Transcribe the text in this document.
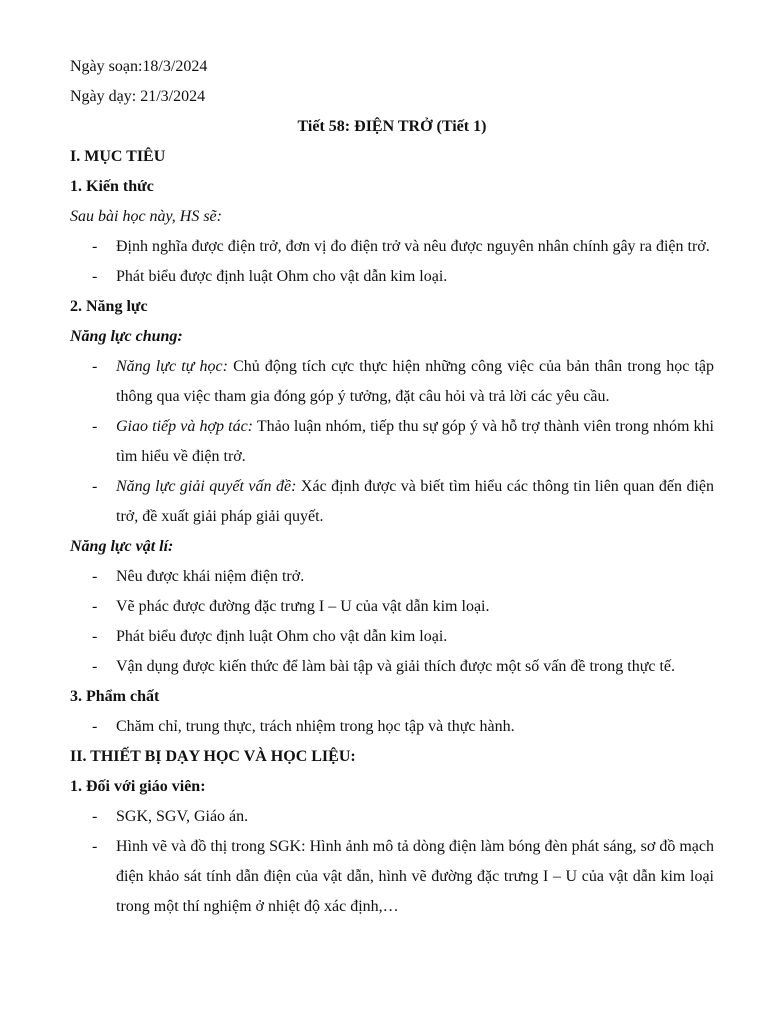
Ngày soạn:18/3/2024
Ngày dạy: 21/3/2024
Tiết 58: ĐIỆN TRỞ (Tiết 1)
I. MỤC TIÊU
1. Kiến thức
Sau bài học này, HS sẽ:
- Định nghĩa được điện trở, đơn vị đo điện trở và nêu được nguyên nhân chính gây ra điện trở.
- Phát biểu được định luật Ohm cho vật dẫn kim loại.
2. Năng lực
Năng lực chung:
- Năng lực tự học: Chủ động tích cực thực hiện những công việc của bản thân trong học tập thông qua việc tham gia đóng góp ý tưởng, đặt câu hỏi và trả lời các yêu cầu.
- Giao tiếp và hợp tác: Thảo luận nhóm, tiếp thu sự góp ý và hỗ trợ thành viên trong nhóm khi tìm hiểu về điện trở.
- Năng lực giải quyết vấn đề: Xác định được và biết tìm hiểu các thông tin liên quan đến điện trở, đề xuất giải pháp giải quyết.
Năng lực vật lí:
- Nêu được khái niệm điện trở.
- Vẽ phác được đường đặc trưng I – U của vật dẫn kim loại.
- Phát biểu được định luật Ohm cho vật dẫn kim loại.
- Vận dụng được kiến thức để làm bài tập và giải thích được một số vấn đề trong thực tế.
3. Phẩm chất
- Chăm chỉ, trung thực, trách nhiệm trong học tập và thực hành.
II. THIẾT BỊ DẠY HỌC VÀ HỌC LIỆU:
1. Đối với giáo viên:
- SGK, SGV, Giáo án.
- Hình vẽ và đồ thị trong SGK: Hình ảnh mô tả dòng điện làm bóng đèn phát sáng, sơ đồ mạch điện khảo sát tính dẫn điện của vật dẫn, hình vẽ đường đặc trưng I – U của vật dẫn kim loại trong một thí nghiệm ở nhiệt độ xác định,…
